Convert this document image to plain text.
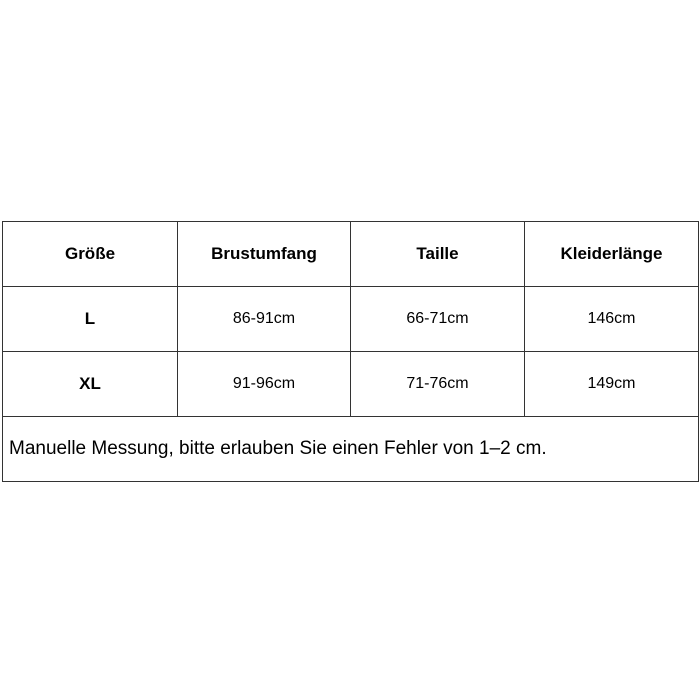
Größe	Brustumfang	Taille	Kleiderlänge
L	86-91cm	66-71cm	146cm
XL	91-96cm	71-76cm	149cm
Manuelle Messung, bitte erlauben Sie einen Fehler von 1–2 cm.			
